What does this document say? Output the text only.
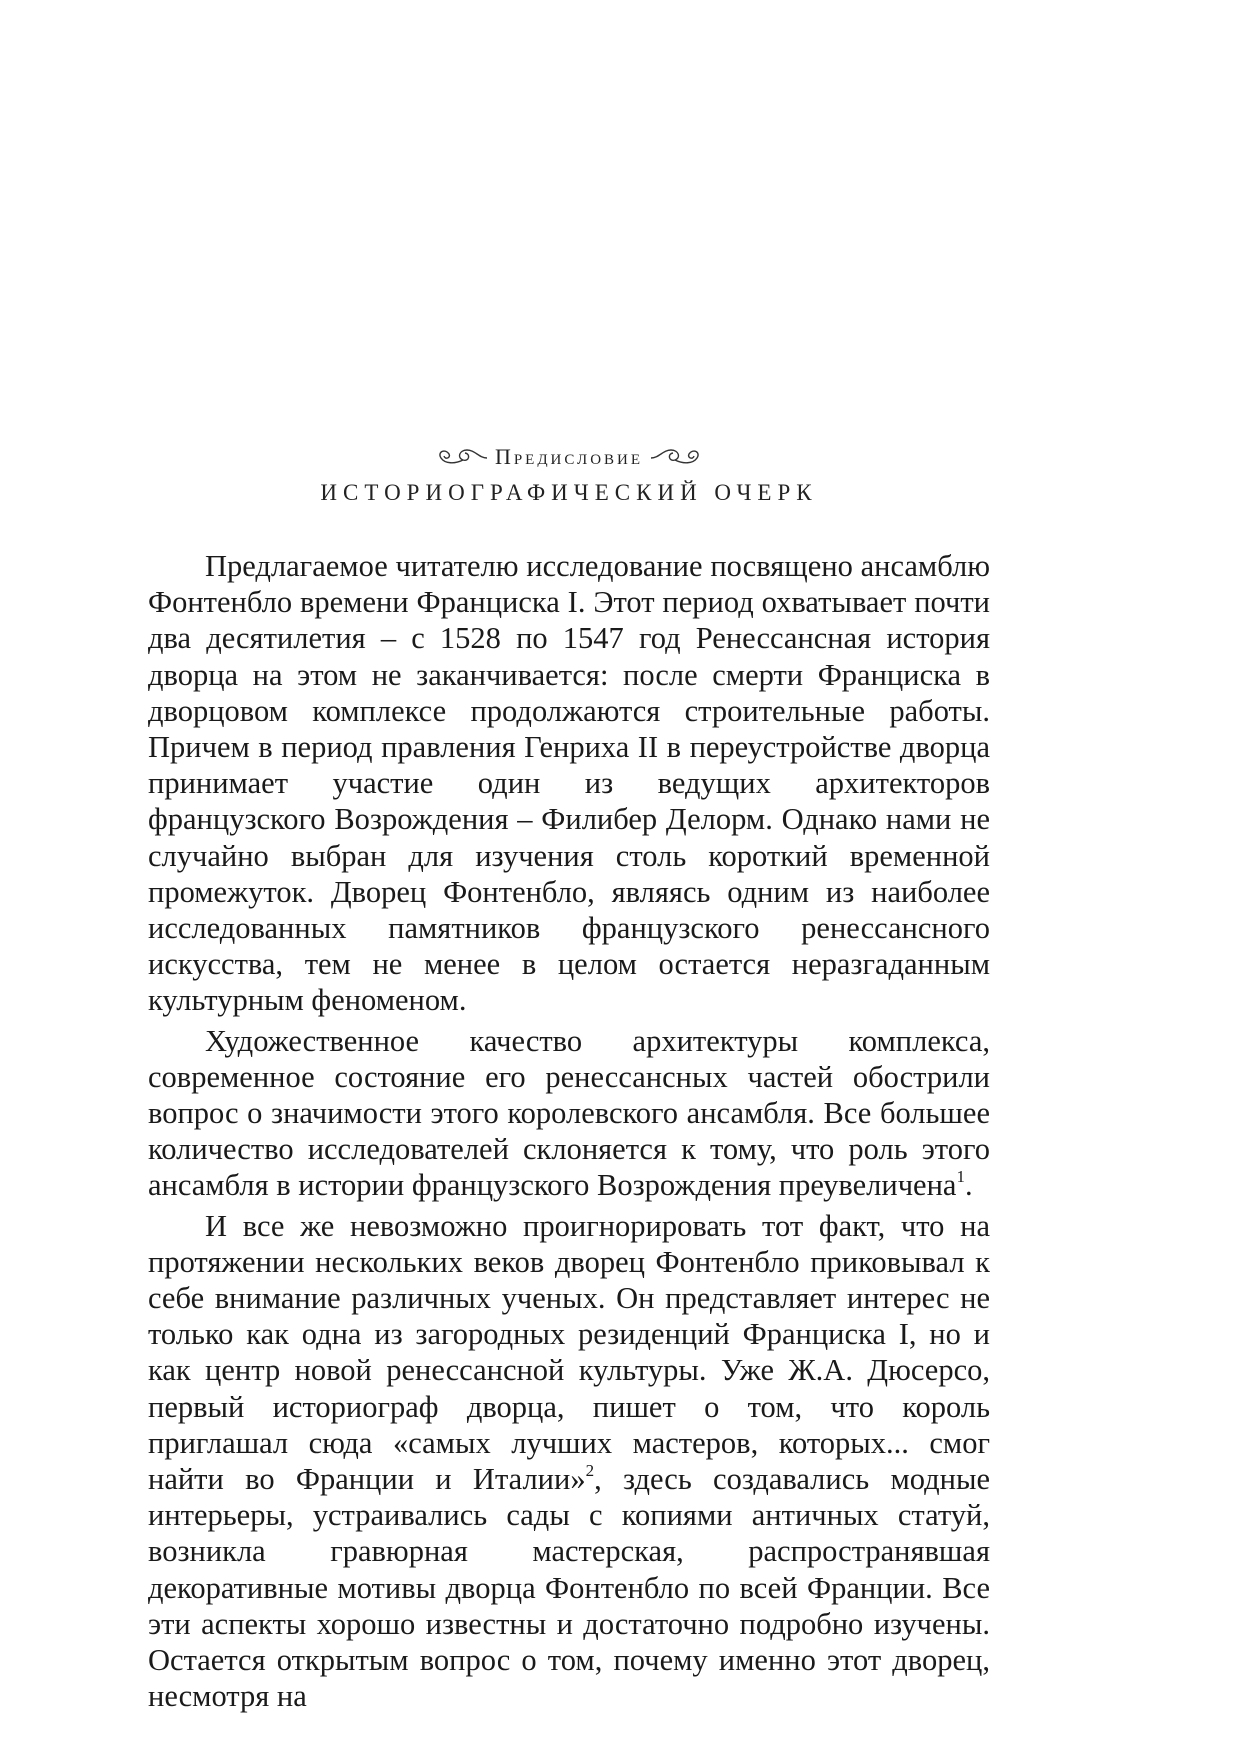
Предисловие
ИСТОРИОГРАФИЧЕСКИЙ ОЧЕРК

Предлагаемое читателю исследование посвящено ансамблю Фонтенбло времени Франциска I. Этот период охватывает почти два десятилетия – с 1528 по 1547 год Ренессансная история дворца на этом не заканчивается: после смерти Франциска в дворцовом комплексе продолжаются строительные работы. Причем в период правления Генриха II в переустройстве дворца принимает участие один из ведущих архитекторов французского Возрождения – Филибер Делорм. Однако нами не случайно выбран для изучения столь короткий временной промежуток. Дворец Фонтенбло, являясь одним из наиболее исследованных памятников французского ренессансного искусства, тем не менее в целом остается неразгаданным культурным феноменом.

Художественное качество архитектуры комплекса, современное состояние его ренессансных частей обострили вопрос о значимости этого королевского ансамбля. Все большее количество исследователей склоняется к тому, что роль этого ансамбля в истории французского Возрождения преувеличена$^1$.

И все же невозможно проигнорировать тот факт, что на протяжении нескольких веков дворец Фонтенбло приковывал к себе внимание различных ученых. Он представляет интерес не только как одна из загородных резиденций Франциска I, но и как центр новой ренессансной культуры. Уже Ж.А. Дюсерсо, первый историограф дворца, пишет о том, что король приглашал сюда «самых лучших мастеров, которых... смог найти во Франции и Италии»$^2$, здесь создавались модные интерьеры, устраивались сады с копиями античных статуй, возникла гравюрная мастерская, распространявшая декоративные мотивы дворца Фонтенбло по всей Франции. Все эти аспекты хорошо известны и достаточно подробно изучены. Остается открытым вопрос о том, почему именно этот дворец, несмотря на
